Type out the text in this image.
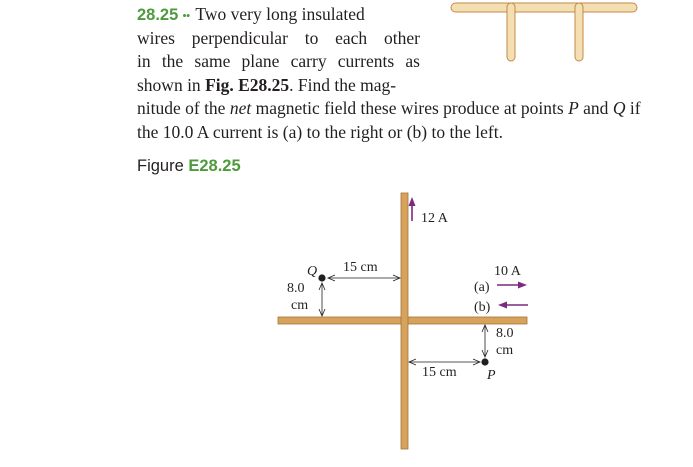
28.25 •• Two very long insulated
wires perpendicular to each other
in the same plane carry currents as
shown in Fig. E28.25. Find the mag-
nitude of the net magnetic field these wires produce at points P and Q if
the 10.0 A current is (a) to the right or (b) to the left.
12 A
10 A
(a)
(b)
Q 15 cm
8.0
cm
P
8.0
cm
15 cm
Figure E28.25
